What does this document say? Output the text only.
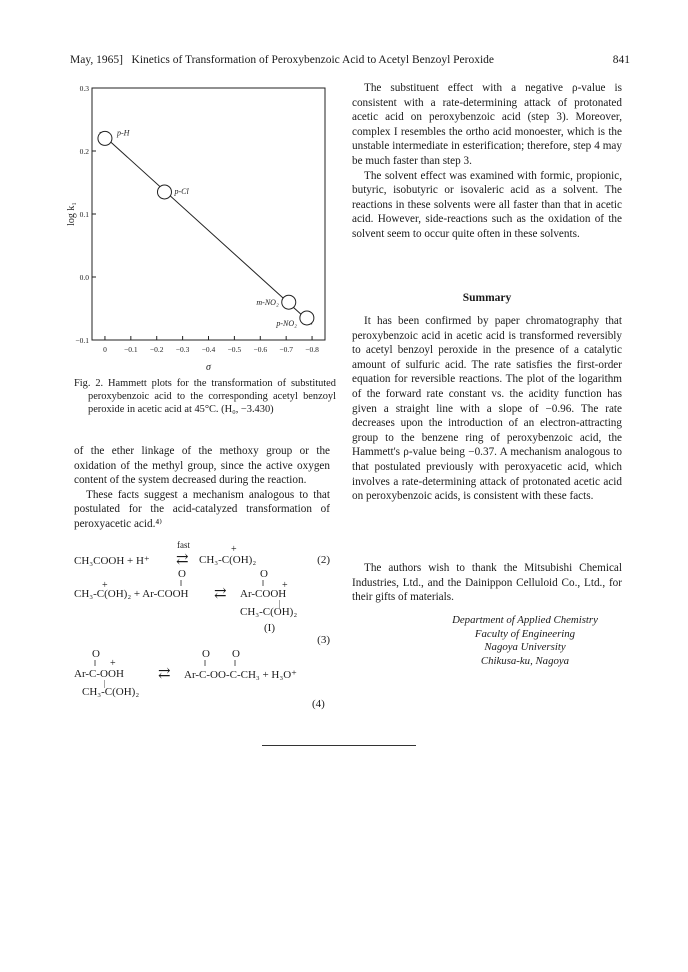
May, 1965]   Kinetics of Transformation of Peroxybenzoic Acid to Acetyl Benzoyl Peroxide	841
0 −0.1 −0.2 −0.3 −0.4 −0.5 −0.6 −0.7 −0.8
0.3
0.2
0.1
0.0
−0.1
σ
log k₁
p-H
p-Cl
m-NO₂
p-NO₂

Fig. 2. Hammett plots for the transformation of substituted peroxybenzoic acid to the corresponding acetyl benzoyl peroxide in acetic acid at 45°C. (H₀, −3.430)

of the ether linkage of the methoxy group or the oxidation of the methyl group, since the active oxygen content of the system decreased during the reaction.

These facts suggest a mechanism analogous to that postulated for the acid-catalyzed transformation of peroxyacetic acid.⁴⁾

CH₃COOH + H⁺
fast
⇄
+
CH₃-C(OH)₂	(2)
O	O
+	‖	‖ +
CH₃-C(OH)₂ + Ar-COOH ⇄ Ar-COOH
|
CH₃-C(OH)₂
(I)
(3)
O	O O
‖ +	‖	‖
Ar-C-OOH ⇄ Ar-C-OO-C-CH₃ + H₃O⁺
|
CH₃-C(OH)₂
(4)

The substituent effect with a negative ρ-value is consistent with a rate-determining attack of protonated acetic acid on peroxybenzoic acid (step 3). Moreover, complex I resembles the ortho acid monoester, which is the unstable intermediate in esterification; therefore, step 4 may be much faster than step 3.

The solvent effect was examined with formic, propionic, butyric, isobutyric or isovaleric acid as a solvent. The reactions in these solvents were all faster than that in acetic acid. However, side-reactions such as the oxidation of the solvent seem to occur quite often in these solvents.

Summary

It has been confirmed by paper chromatography that peroxybenzoic acid in acetic acid is transformed reversibly to acetyl benzoyl peroxide in the presence of a catalytic amount of sulfuric acid. The rate satisfies the first-order equation for reversible reactions. The plot of the logarithm of the forward rate constant vs. the acidity function has given a straight line with a slope of −0.96. The rate decreases upon the introduction of an electron-attracting group to the benzene ring of peroxybenzoic acid, the Hammett's ρ-value being −0.37. A mechanism analogous to that postulated previously with peroxyacetic acid, which involves a rate-determining attack of protonated acetic acid on peroxybenzoic acids, is consistent with these facts.

The authors wish to thank the Mitsubishi Chemical Industries, Ltd., and the Dainippon Celluloid Co., Ltd., for their gifts of materials.

Department of Applied Chemistry
Faculty of Engineering
Nagoya University
Chikusa-ku, Nagoya
